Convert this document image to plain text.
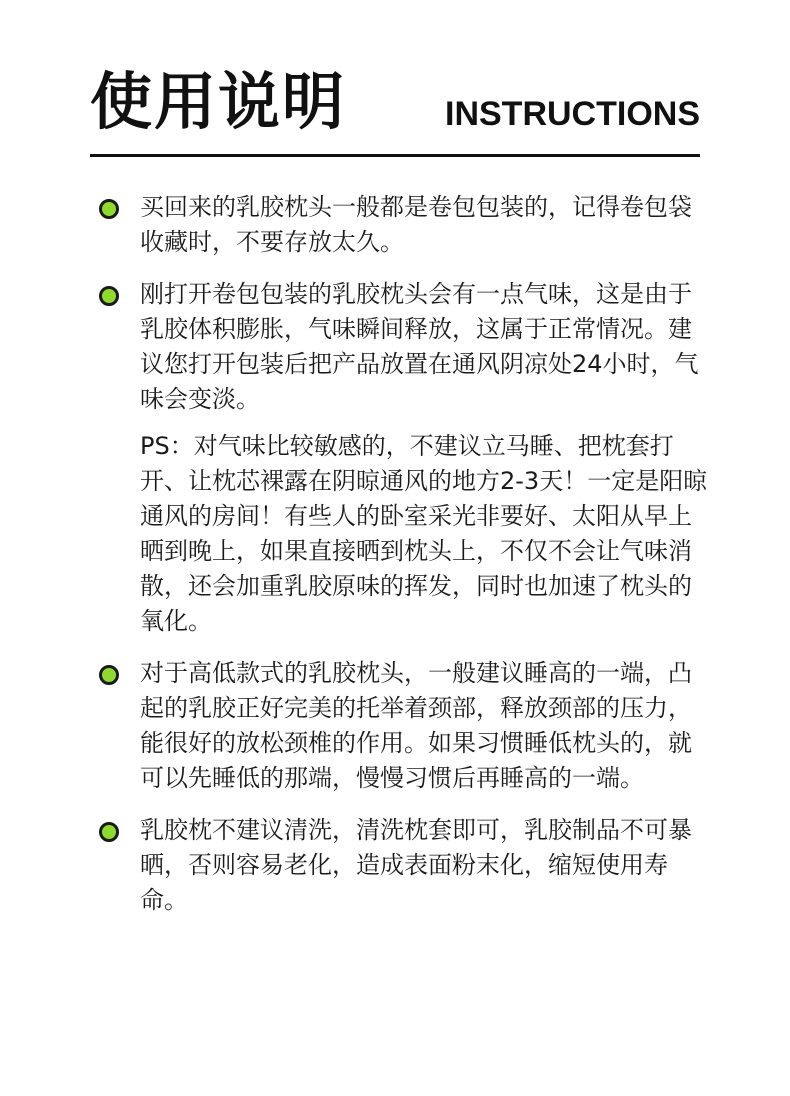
使用说明	INSTRUCTIONS
买回来的乳胶枕头一般都是卷包包装的，记得卷包袋收藏时，不要存放太久。
刚打开卷包包装的乳胶枕头会有一点气味，这是由于乳胶体积膨胀，气味瞬间释放，这属于正常情况。建议您打开包装后把产品放置在通风阴凉处24小时，气味会变淡。
PS：对气味比较敏感的，不建议立马睡、把枕套打开、让枕芯裸露在阴晾通风的地方2-3天！一定是阳晾通风的房间！有些人的卧室采光非要好、太阳从早上晒到晚上，如果直接晒到枕头上，不仅不会让气味消散，还会加重乳胶原味的挥发，同时也加速了枕头的氧化。
对于高低款式的乳胶枕头，一般建议睡高的一端，凸起的乳胶正好完美的托举着颈部，释放颈部的压力，能很好的放松颈椎的作用。如果习惯睡低枕头的，就可以先睡低的那端，慢慢习惯后再睡高的一端。
乳胶枕不建议清洗，清洗枕套即可，乳胶制品不可暴晒，否则容易老化，造成表面粉末化，缩短使用寿命。
